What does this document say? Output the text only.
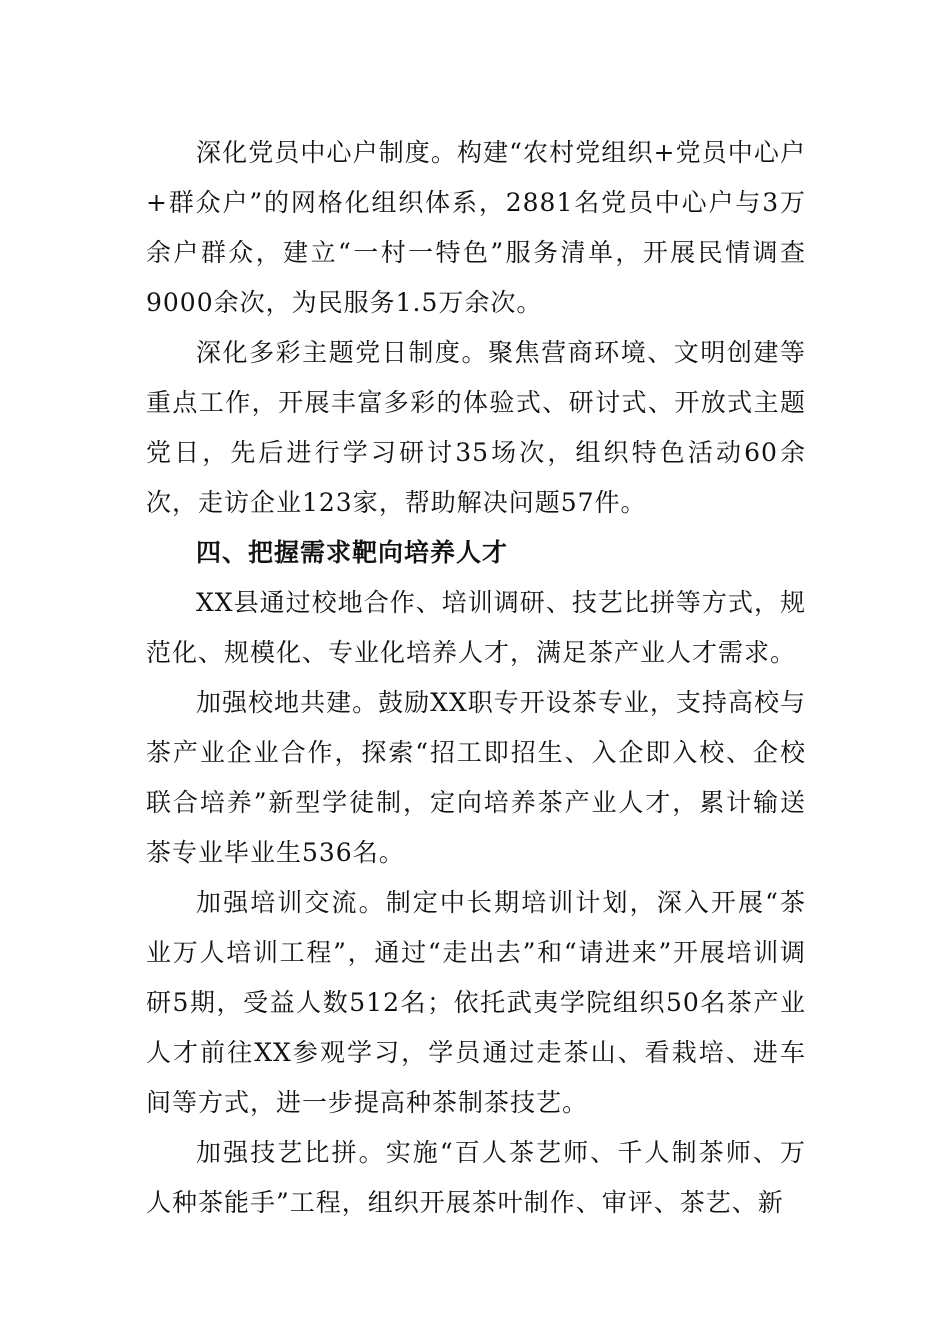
深化党员中心户制度。构建“农村党组织+党员中心户+群众户”的网格化组织体系，2881名党员中心户与3万余户群众，建立“一村一特色”服务清单，开展民情调查9000余次，为民服务1.5万余次。

深化多彩主题党日制度。聚焦营商环境、文明创建等重点工作，开展丰富多彩的体验式、研讨式、开放式主题党日，先后进行学习研讨35场次，组织特色活动60余次，走访企业123家，帮助解决问题57件。

四、把握需求靶向培养人才

XX县通过校地合作、培训调研、技艺比拼等方式，规范化、规模化、专业化培养人才，满足茶产业人才需求。

加强校地共建。鼓励XX职专开设茶专业，支持高校与茶产业企业合作，探索“招工即招生、入企即入校、企校联合培养”新型学徒制，定向培养茶产业人才，累计输送茶专业毕业生536名。

加强培训交流。制定中长期培训计划，深入开展“茶业万人培训工程”，通过“走出去”和“请进来”开展培训调研5期，受益人数512名；依托武夷学院组织50名茶产业人才前往XX参观学习，学员通过走茶山、看栽培、进车间等方式，进一步提高种茶制茶技艺。

加强技艺比拼。实施“百人茶艺师、千人制茶师、万人种茶能手”工程，组织开展茶叶制作、审评、茶艺、新
